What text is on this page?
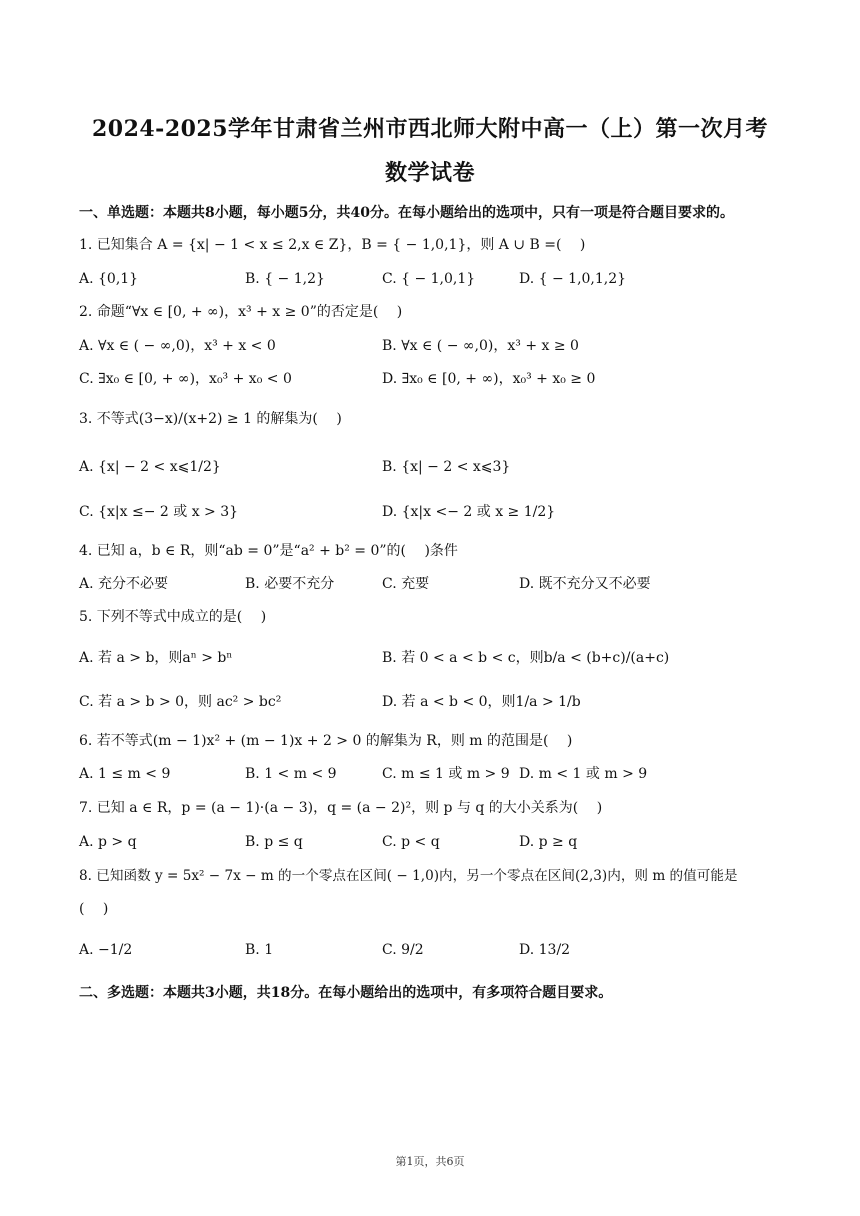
2024-2025学年甘肃省兰州市西北师大附中高一（上）第一次月考
数学试卷
一、单选题：本题共8小题，每小题5分，共40分。在每小题给出的选项中，只有一项是符合题目要求的。
1. 已知集合 A = {x| − 1 < x ≤ 2,x ∈ Z}，B = { − 1,0,1}，则 A ∪ B =(　 )
A. {0,1}	B. { − 1,2}	C. { − 1,0,1}	D. { − 1,0,1,2}
2. 命题“∀x ∈ [0, + ∞)，x³ + x ≥ 0”的否定是(　 )
A. ∀x ∈ ( − ∞,0)，x³ + x < 0	B. ∀x ∈ ( − ∞,0)，x³ + x ≥ 0
C. ∃x₀ ∈ [0, + ∞)，x₀³ + x₀ < 0	D. ∃x₀ ∈ [0, + ∞)，x₀³ + x₀ ≥ 0
3. 不等式(3−x)/(x+2) ≥ 1 的解集为(　 )
A. {x| − 2 < x⩽1/2}	B. {x| − 2 < x⩽3}
C. {x|x ≤− 2 或 x > 3}	D. {x|x <− 2 或 x ≥ 1/2}
4. 已知 a，b ∈ R，则“ab = 0”是“a² + b² = 0”的(　 )条件
A. 充分不必要	B. 必要不充分	C. 充要	D. 既不充分又不必要
5. 下列不等式中成立的是(　 )
A. 若 a > b，则aⁿ > bⁿ	B. 若 0 < a < b < c，则b/a < (b+c)/(a+c)
C. 若 a > b > 0，则 ac² > bc²	D. 若 a < b < 0，则1/a > 1/b
6. 若不等式(m − 1)x² + (m − 1)x + 2 > 0 的解集为 R，则 m 的范围是(　 )
A. 1 ≤ m < 9	B. 1 < m < 9	C. m ≤ 1 或 m > 9 D. m < 1 或 m > 9
7. 已知 a ∈ R，p = (a − 1)·(a − 3)，q = (a − 2)²，则 p 与 q 的大小关系为(　 )
A. p > q	B. p ≤ q	C. p < q	D. p ≥ q
8. 已知函数 y = 5x² − 7x − m 的一个零点在区间( − 1,0)内，另一个零点在区间(2,3)内，则 m 的值可能是
(　 )
A. −1/2	B. 1	C. 9/2	D. 13/2
二、多选题：本题共3小题，共18分。在每小题给出的选项中，有多项符合题目要求。
第1页，共6页
